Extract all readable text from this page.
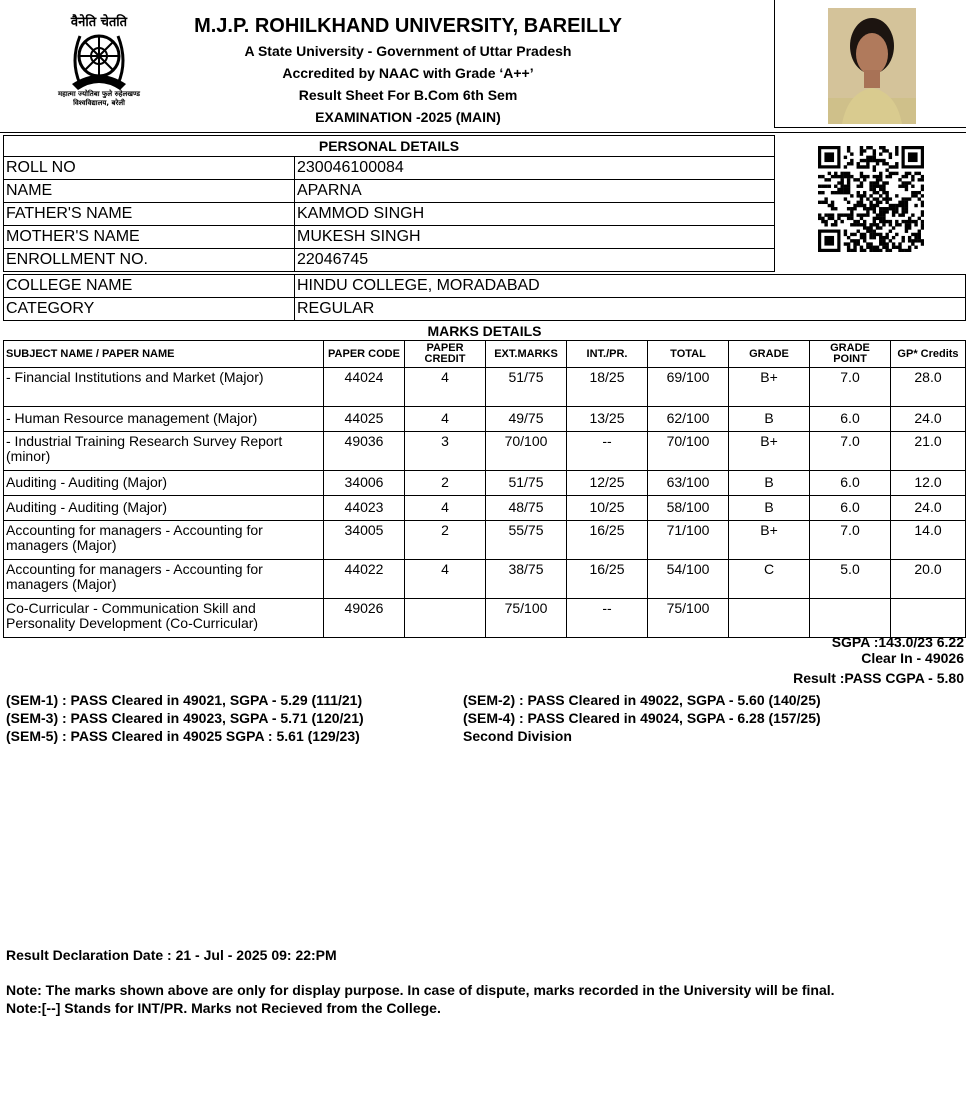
वैनेति चेतति
महात्मा ज्योतिबा फुले रुहेलखण्ड विश्वविद्यालय, बरेली
M.J.P. ROHILKHAND UNIVERSITY, BAREILLY
A State University - Government of Uttar Pradesh
Accredited by NAAC with Grade ‘A++’
Result Sheet For B.Com 6th Sem
EXAMINATION -2025 (MAIN)
PERSONAL DETAILS	
ROLL NO	230046100084
NAME	APARNA
FATHER'S NAME	KAMMOD SINGH
MOTHER'S NAME	MUKESH SINGH
ENROLLMENT NO.	22046745
COLLEGE NAME	HINDU COLLEGE, MORADABAD
CATEGORY	REGULAR
MARKS DETAILS								
SUBJECT NAME / PAPER NAME	PAPER CODE	PAPER CREDIT	EXT.MARKS	INT./PR.	TOTAL	GRADE	GRADE POINT	GP* Credits
- Financial Institutions and Market (Major)	44024	4	51/75	18/25	69/100	B+	7.0	28.0
- Human Resource management (Major)	44025	4	49/75	13/25	62/100	B	6.0	24.0
- Industrial Training Research Survey Report (minor)	49036	3	70/100	--	70/100	B+	7.0	21.0
Auditing - Auditing (Major)	34006	2	51/75	12/25	63/100	B	6.0	12.0
Auditing - Auditing (Major)	44023	4	48/75	10/25	58/100	B	6.0	24.0
Accounting for managers - Accounting for managers (Major)	34005	2	55/75	16/25	71/100	B+	7.0	14.0
Accounting for managers - Accounting for managers (Major)	44022	4	38/75	16/25	54/100	C	5.0	20.0
Co-Curricular - Communication Skill and Personality Development (Co-Curricular)	49026		75/100	--	75/100			
SGPA :143.0/23 6.22
Clear In - 49026
Result :PASS CGPA - 5.80
(SEM-1) : PASS Cleared in 49021, SGPA - 5.29 (111/21)
(SEM-3) : PASS Cleared in 49023, SGPA - 5.71 (120/21)
(SEM-5) : PASS Cleared in 49025 SGPA : 5.61 (129/23)
(SEM-2) : PASS Cleared in 49022, SGPA - 5.60 (140/25)
(SEM-4) : PASS Cleared in 49024, SGPA - 6.28 (157/25)
Second Division
Result Declaration Date : 21 - Jul - 2025 09: 22:PM
Note: The marks shown above are only for display purpose. In case of dispute, marks recorded in the University will be final.
Note:[--] Stands for INT/PR. Marks not Recieved from the College.
